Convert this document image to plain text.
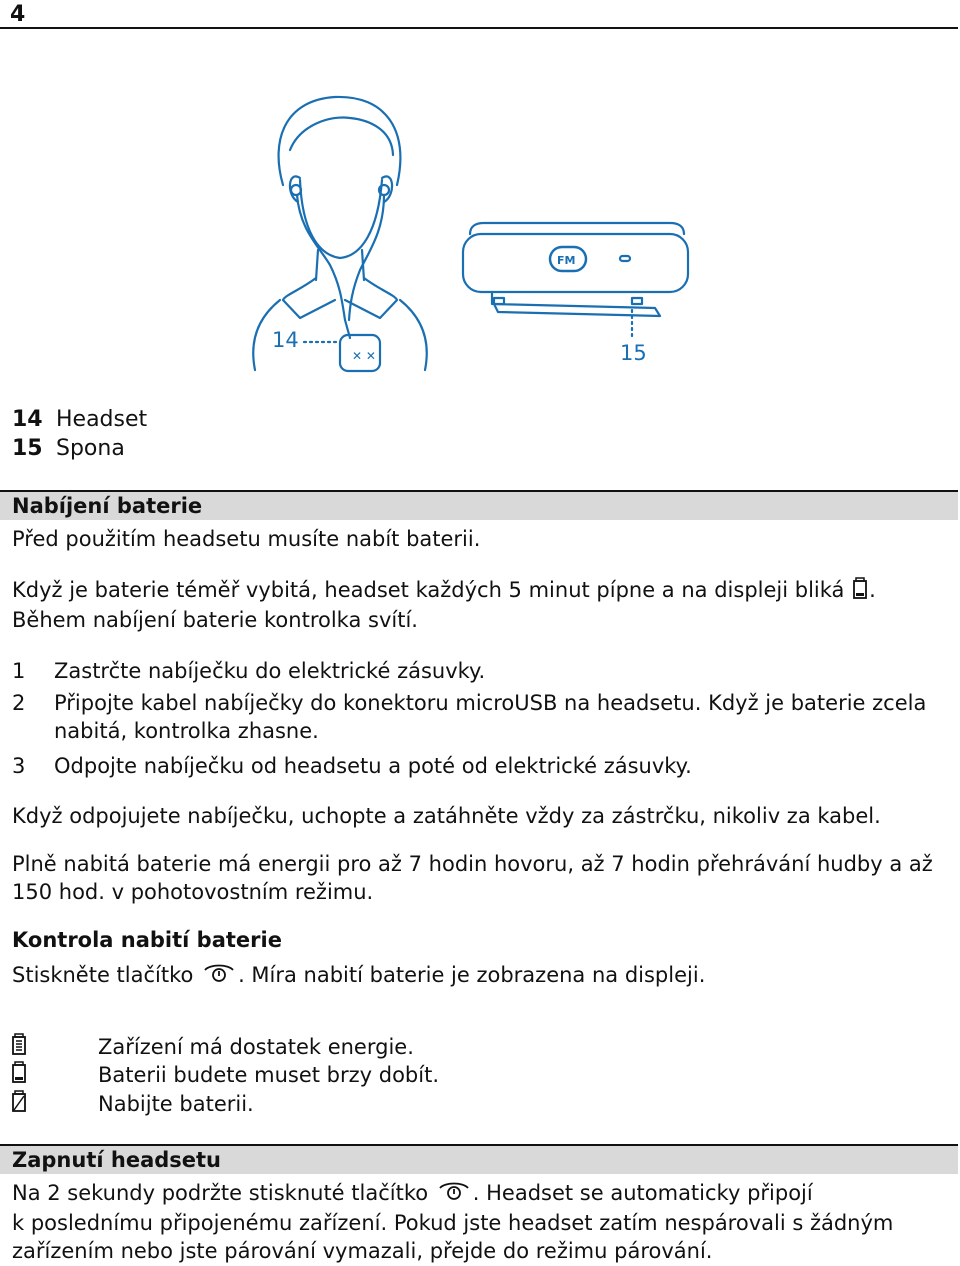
4
✕ ✕
FM
14
15
14 Headset
15 Spona
Nabíjení baterie

Před použitím headsetu musíte nabít baterii.

Když je baterie téměř vybitá, headset každých 5 minut pípne a na displeji bliká .
Během nabíjení baterie kontrolka svítí.

1 Zastrčte nabíječku do elektrické zásuvky.
2 Připojte kabel nabíječky do konektoru microUSB na headsetu. Když je baterie zcela nabitá, kontrolka zhasne.
3 Odpojte nabíječku od headsetu a poté od elektrické zásuvky.

Když odpojujete nabíječku, uchopte a zatáhněte vždy za zástrčku, nikoliv za kabel.

Plně nabitá baterie má energii pro až 7 hodin hovoru, až 7 hodin přehrávání hudby a až 150 hod. v pohotovostním režimu.

Kontrola nabití baterie

Stiskněte tlačítko . Míra nabití baterie je zobrazena na displeji.

Zařízení má dostatek energie.
Baterii budete muset brzy dobít.
Nabijte baterii.
Zapnutí headsetu

Na 2 sekundy podržte stisknuté tlačítko . Headset se automaticky připojí
k poslednímu připojenému zařízení. Pokud jste headset zatím nespárovali s žádným
zařízením nebo jste párování vymazali, přejde do režimu párování.
